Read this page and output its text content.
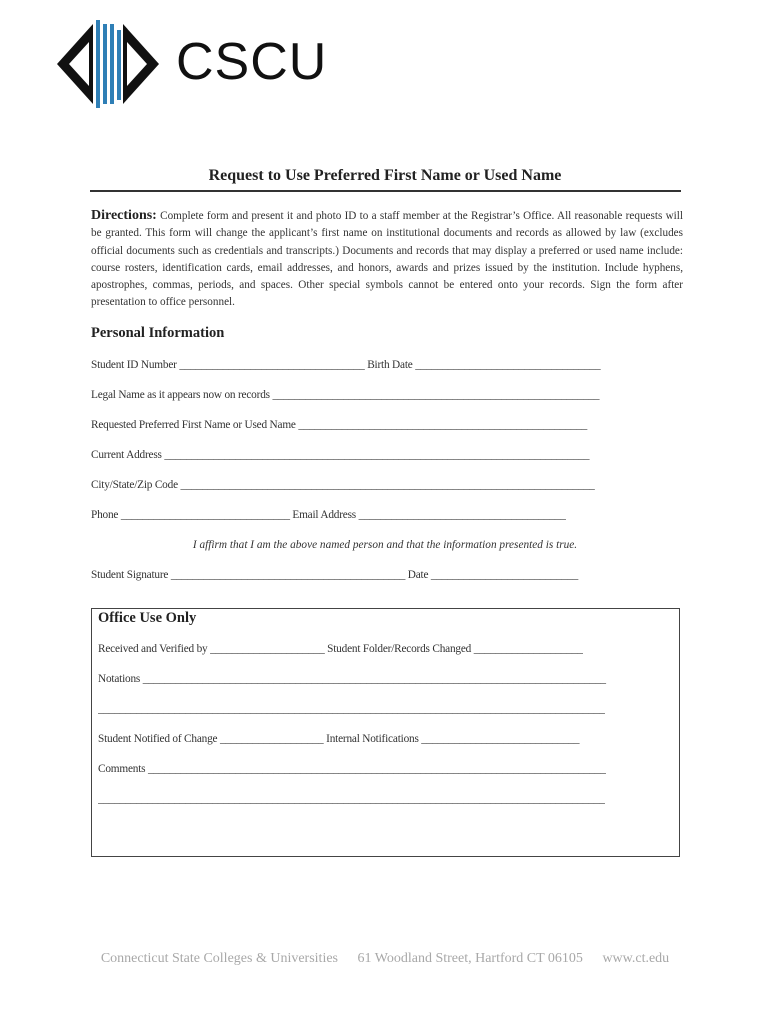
CSCU
Request to Use Preferred First Name or Used Name
Directions: Complete form and present it and photo ID to a staff member at the Registrar’s Office. All reasonable requests will be granted. This form will change the applicant’s first name on institutional documents and records as allowed by law (excludes official documents such as credentials and transcripts.) Documents and records that may display a preferred or used name include: course rosters, identification cards, email addresses, and honors, awards and prizes issued by the institution. Include hyphens, apostrophes, commas, periods, and spaces. Other special symbols cannot be entered onto your records. Sign the form after presentation to office personnel.
Personal Information
Student ID Number __________________________________ Birth Date __________________________________
Legal Name as it appears now on records ____________________________________________________________
Requested Preferred First Name or Used Name _____________________________________________________
Current Address ______________________________________________________________________________
City/State/Zip Code ____________________________________________________________________________
Phone _______________________________ Email Address ______________________________________
I affirm that I am the above named person and that the information presented is true.
Student Signature ___________________________________________ Date ___________________________
Office Use Only
Received and Verified by _____________________ Student Folder/Records Changed ____________________
Notations _____________________________________________________________________________________
_____________________________________________________________________________________________
Student Notified of Change ___________________ Internal Notifications _____________________________
Comments ____________________________________________________________________________________
_____________________________________________________________________________________________
Connecticut State Colleges & Universities 61 Woodland Street, Hartford CT 06105 www.ct.edu
